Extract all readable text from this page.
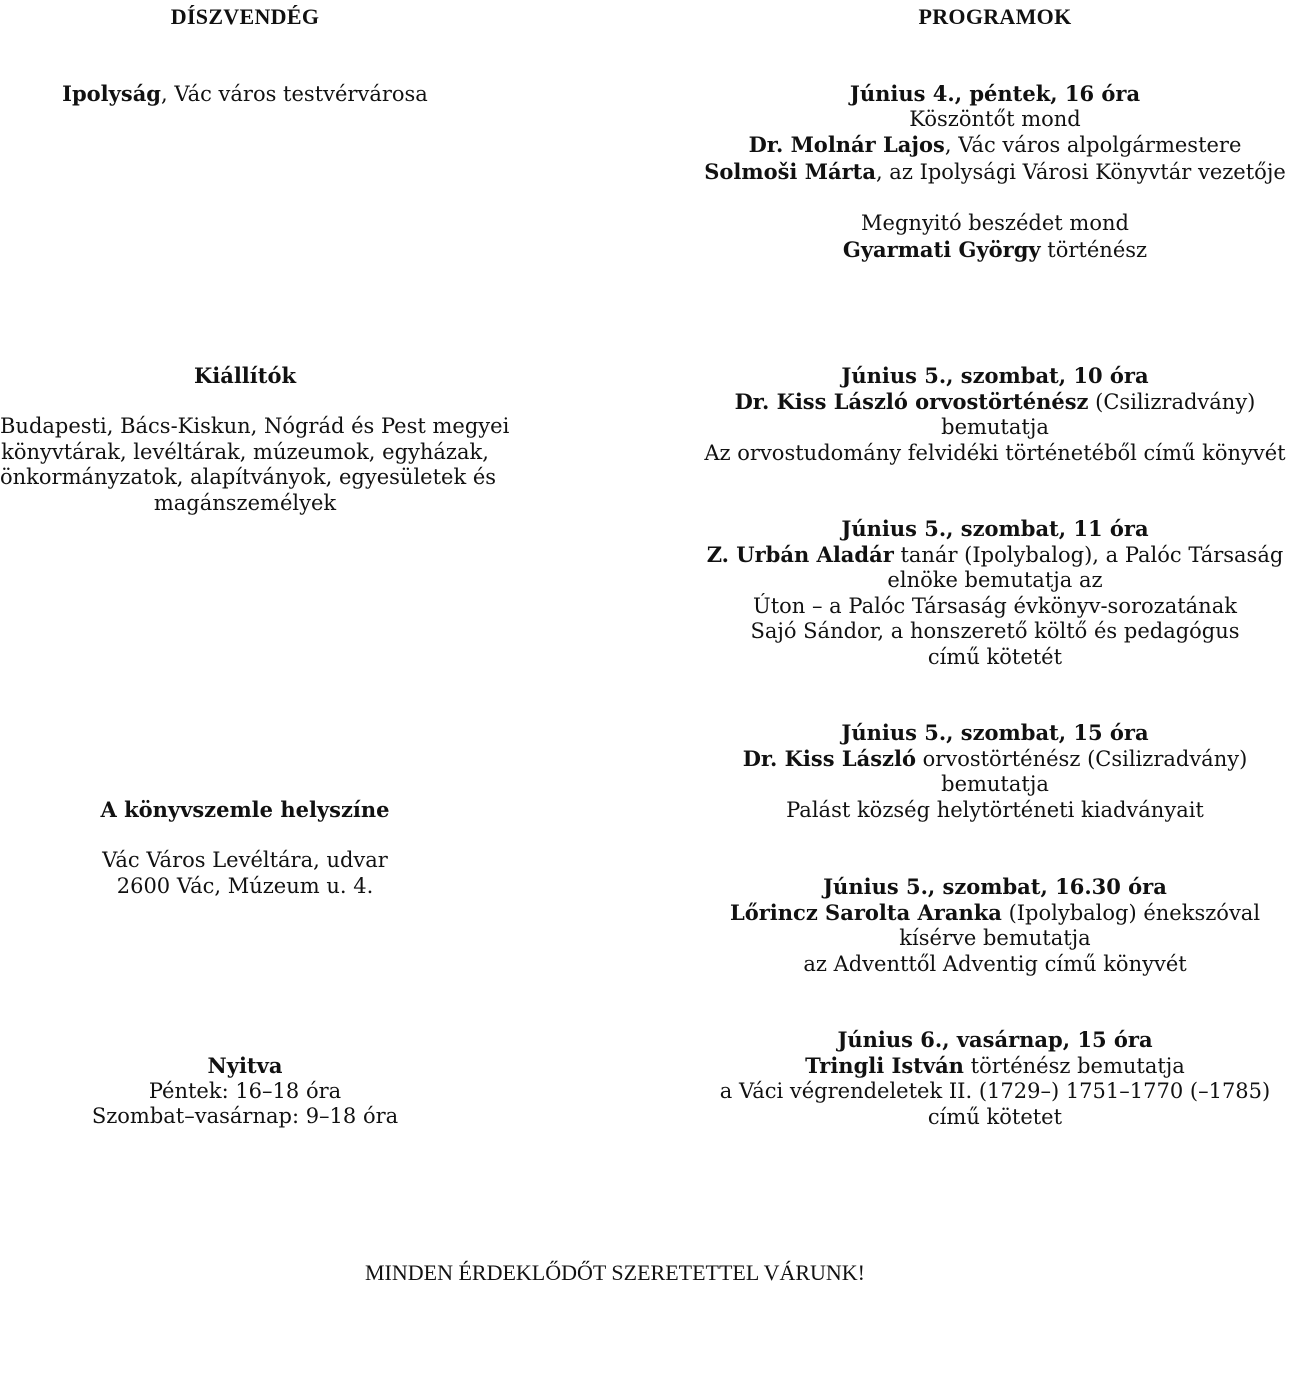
DÍSZVENDÉG
Ipolyság, Vác város testvérvárosa
Kiállítók
Budapesti, Bács-Kiskun, Nógrád és Pest megyei
könyvtárak, levéltárak, múzeumok, egyházak,
önkormányzatok, alapítványok, egyesületek és
magánszemélyek
A könyvszemle helyszíne
Vác Város Levéltára, udvar
2600 Vác, Múzeum u. 4.
Nyitva
Péntek: 16–18 óra
Szombat–vasárnap: 9–18 óra
PROGRAMOK
Június 4., péntek, 16 óra
Köszöntőt mond
Dr. Molnár Lajos, Vác város alpolgármestere
Solmoši Márta, az Ipolysági Városi Könyvtár vezetője
Megnyitó beszédet mond
Gyarmati György történész
Június 5., szombat, 10 óra
Dr. Kiss László orvostörténész (Csilizradvány)
bemutatja
Az orvostudomány felvidéki történetéből című könyvét
Június 5., szombat, 11 óra
Z. Urbán Aladár tanár (Ipolybalog), a Palóc Társaság
elnöke bemutatja az
Úton – a Palóc Társaság évkönyv-sorozatának
Sajó Sándor, a honszerető költő és pedagógus
című kötetét
Június 5., szombat, 15 óra
Dr. Kiss László orvostörténész (Csilizradvány)
bemutatja
Palást község helytörténeti kiadványait
Június 5., szombat, 16.30 óra
Lőrincz Sarolta Aranka (Ipolybalog) énekszóval
kísérve bemutatja
az Adventtől Adventig című könyvét
Június 6., vasárnap, 15 óra
Tringli István történész bemutatja
a Váci végrendeletek II. (1729–) 1751–1770 (–1785)
című kötetet
MINDEN ÉRDEKLŐDŐT SZERETETTEL VÁRUNK!
